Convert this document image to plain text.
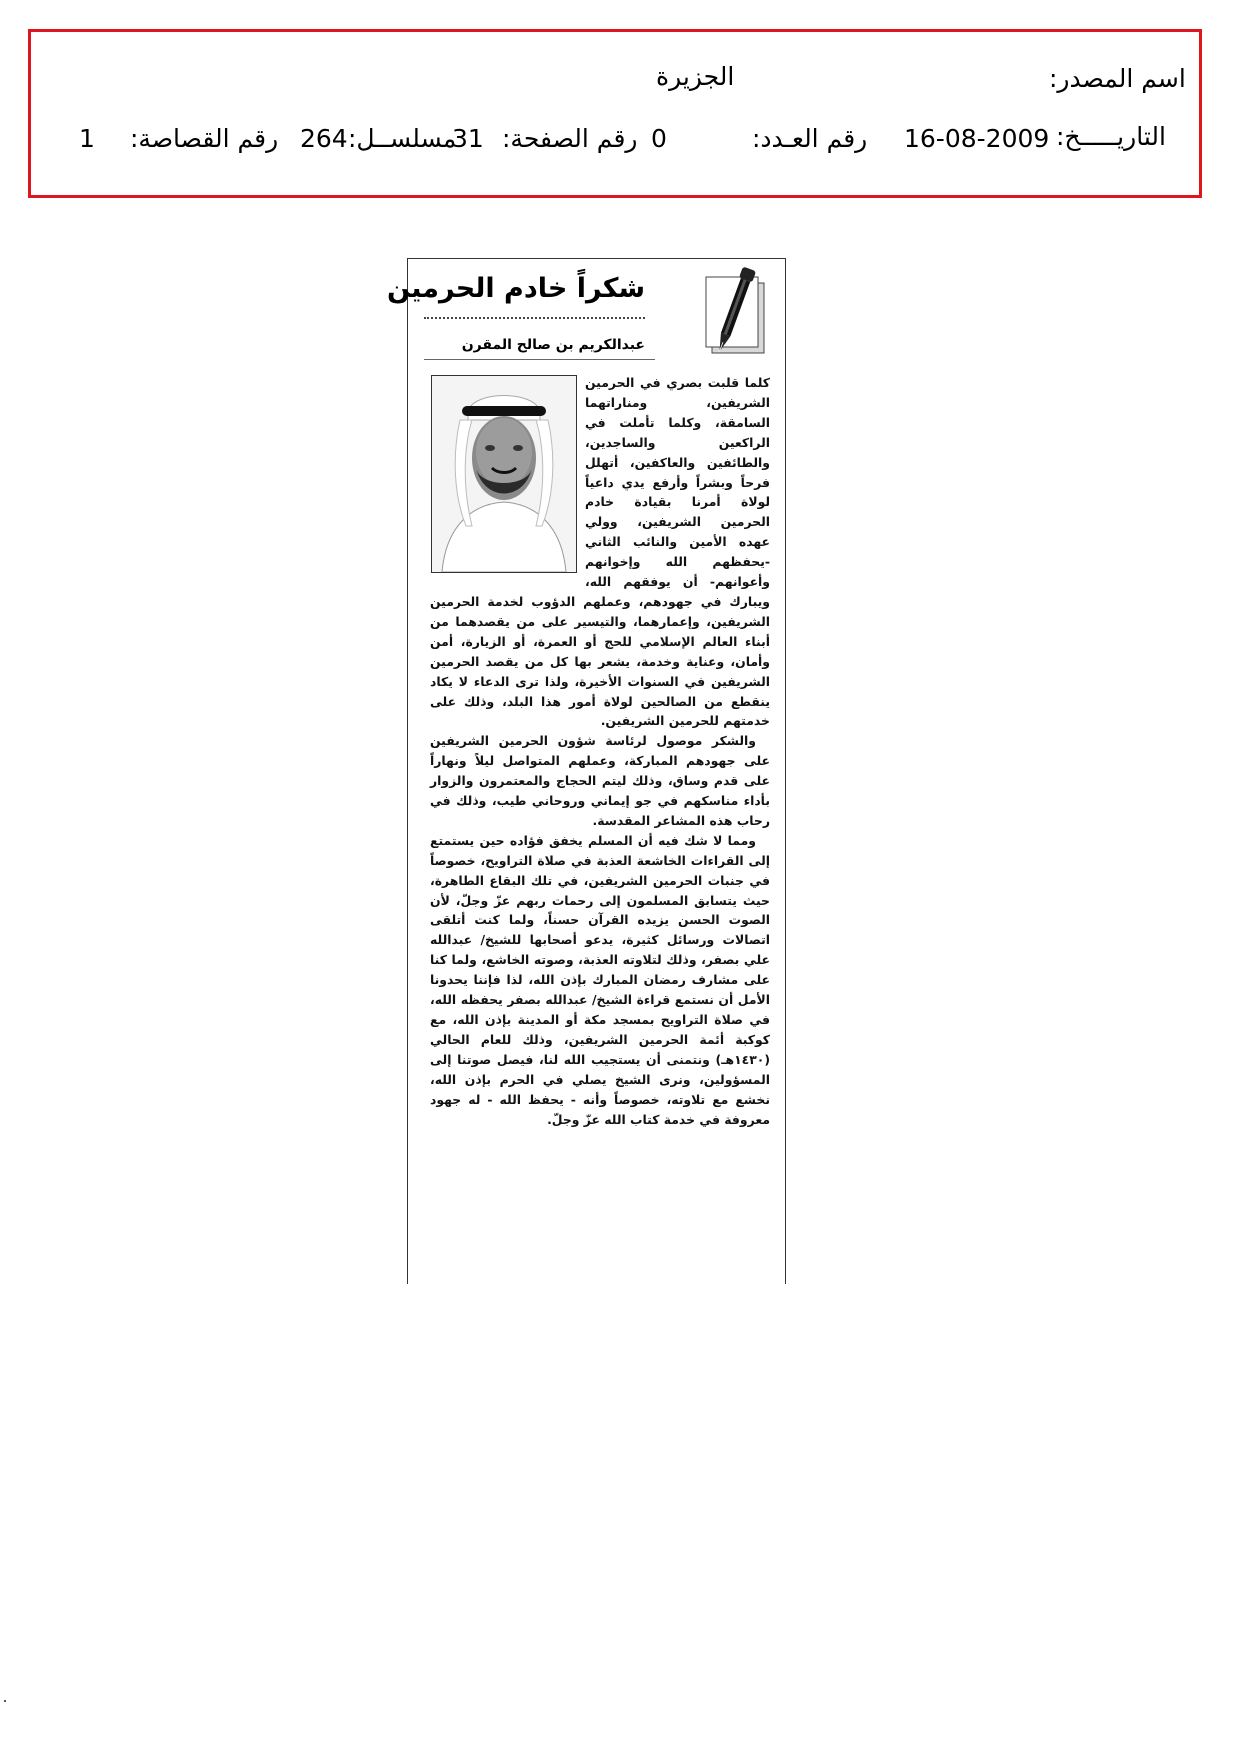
اسم المصدر:
الجزيرة
التاريـــــخ:
16-08-2009
رقم العـدد:
0
رقم الصفحة:
31
مسلســل:
264
رقم القصاصة:
1
شكراً خادم الحرمين
عبدالكريم بن صالح المقرن

كلما قلبت بصري في الحرمين الشريفين، ومناراتهما السامقة، وكلما تأملت في الراكعين والساجدين، والطائفين والعاكفين، أتهلل فرحاً وبشراً وأرفع يدي داعياً لولاة أمرنا بقيادة خادم الحرمين الشريفين، وولي عهده الأمين والنائب الثاني -يحفظهم الله وإخوانهم وأعوانهم- أن يوفقهم الله، ويبارك في جهودهم، وعملهم الدؤوب لخدمة الحرمين الشريفين، وإعمارهما، والتيسير على من يقصدهما من أبناء العالم الإسلامي للحج أو العمرة، أو الزيارة، أمن وأمان، وعناية وخدمة، يشعر بها كل من يقصد الحرمين الشريفين في السنوات الأخيرة، ولذا ترى الدعاء لا يكاد ينقطع من الصالحين لولاة أمور هذا البلد، وذلك على خدمتهم للحرمين الشريفين.

والشكر موصول لرئاسة شؤون الحرمين الشريفين على جهودهم المباركة، وعملهم المتواصل ليلاً ونهاراً على قدم وساق، وذلك ليتم الحجاج والمعتمرون والزوار بأداء مناسكهم في جو إيماني وروحاني طيب، وذلك في رحاب هذه المشاعر المقدسة.

ومما لا شك فيه أن المسلم يخفق فؤاده حين يستمتع إلى القراءات الخاشعة العذبة في صلاة التراويح، خصوصاً في جنبات الحرمين الشريفين، في تلك البقاع الطاهرة، حيث يتسابق المسلمون إلى رحمات ربهم عزّ وجلّ، لأن الصوت الحسن يزيده القرآن حسناً، ولما كنت أتلقى اتصالات ورسائل كثيرة، يدعو أصحابها للشيخ/ عبدالله علي بصفر، وذلك لتلاوته العذبة، وصوته الخاشع، ولما كنا على مشارف رمضان المبارك بإذن الله، لذا فإننا يحدونا الأمل أن نستمع قراءة الشيخ/ عبدالله بصفر يحفظه الله، في صلاة التراويح بمسجد مكة أو المدينة بإذن الله، مع كوكبة أئمة الحرمين الشريفين، وذلك للعام الحالي (١٤٣٠هـ) ونتمنى أن يستجيب الله لنا، فيصل صوتنا إلى المسؤولين، ونرى الشيخ يصلي في الحرم بإذن الله، نخشع مع تلاوته، خصوصاً وأنه - يحفظ الله - له جهود معروفة في خدمة كتاب الله عزّ وجلّ.
